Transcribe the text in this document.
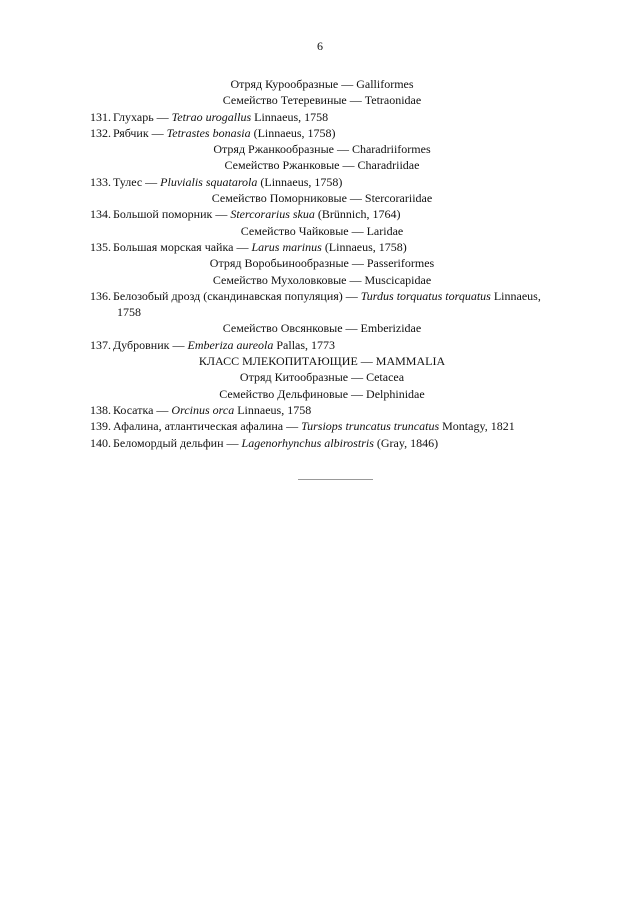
6
Отряд Курообразные — Galliformes
Семейство Тетеревиные — Tetraonidae
131. Глухарь — Tetrao urogallus Linnaeus, 1758
132. Рябчик — Tetrastes bonasia (Linnaeus, 1758)
Отряд Ржанкообразные — Charadriiformes
Семейство Ржанковые — Charadriidae
133. Тулес — Pluvialis squatarola (Linnaeus, 1758)
Семейство Поморниковые — Stercorariidae
134. Большой поморник — Stercorarius skua (Brünnich, 1764)
Семейство Чайковые — Laridae
135. Большая морская чайка — Larus marinus (Linnaeus, 1758)
Отряд Воробьинообразные — Passeriformes
Семейство Мухоловковые — Muscicapidae
136. Белозобый дрозд (скандинавская популяция) — Turdus torquatus torquatus Linnaeus,
1758
Семейство Овсянковые — Emberizidae
137. Дубровник — Emberiza aureola Pallas, 1773
КЛАСС МЛЕКОПИТАЮЩИЕ — MAMMALIA
Отряд Китообразные — Cetacea
Семейство Дельфиновые — Delphinidae
138. Косатка — Orcinus orca Linnaeus, 1758
139. Афалина, атлантическая афалина — Tursiops truncatus truncatus Montagy, 1821
140. Беломордый дельфин — Lagenorhynchus albirostris (Gray, 1846)
